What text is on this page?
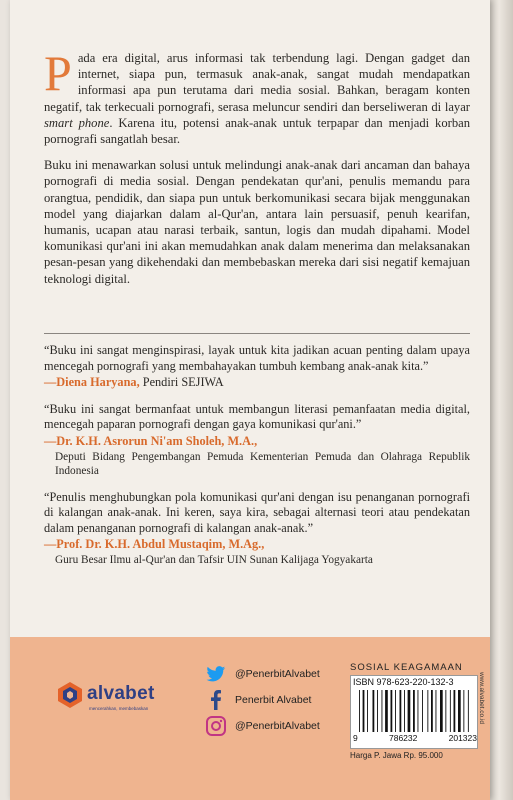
Pada era digital, arus informasi tak terbendung lagi. Dengan gadget dan internet, siapa pun, termasuk anak-anak, sangat mudah mendapatkan informasi apa pun terutama dari media sosial. Bahkan, beragam konten negatif, tak terkecuali pornografi, serasa meluncur sendiri dan berseliweran di layar smart phone. Karena itu, potensi anak-anak untuk terpapar dan menjadi korban pornografi sangatlah besar.

Buku ini menawarkan solusi untuk melindungi anak-anak dari ancaman dan bahaya pornografi di media sosial. Dengan pendekatan qur'ani, penulis memandu para orangtua, pendidik, dan siapa pun untuk berkomunikasi secara bijak menggunakan model yang diajarkan dalam al-Qur'an, antara lain persuasif, penuh kearifan, humanis, ucapan atau narasi terbaik, santun, logis dan mudah dipahami. Model komunikasi qur'ani ini akan memudahkan anak dalam menerima dan melaksanakan pesan-pesan yang dikehendaki dan membebaskan mereka dari sisi negatif kemajuan teknologi digital.

“Buku ini sangat menginspirasi, layak untuk kita jadikan acuan penting dalam upaya mencegah pornografi yang membahayakan tumbuh kembang anak-anak kita.”
—Diena Haryana, Pendiri SEJIWA
“Buku ini sangat bermanfaat untuk membangun literasi pemanfaatan media digital, mencegah paparan pornografi dengan gaya komunikasi qur'ani.”
—Dr. K.H. Asrorun Ni'am Sholeh, M.A.,
Deputi Bidang Pengembangan Pemuda Kementerian Pemuda dan Olahraga Republik Indonesia
“Penulis menghubungkan pola komunikasi qur'ani dengan isu penanganan pornografi di kalangan anak-anak. Ini keren, saya kira, sebagai alternasi teori atau pendekatan dalam penanganan pornografi di kalangan anak-anak.”
—Prof. Dr. K.H. Abdul Mustaqim, M.Ag.,
Guru Besar Ilmu al-Qur'an dan Tafsir UIN Sunan Kalijaga Yogyakarta
alvabet
mencerahkan, membebaskan
@PenerbitAlvabet
Penerbit Alvabet
@PenerbitAlvabet
SOSIAL KEAGAMAAN
ISBN 978-623-220-132-3
9	786232	201323
www.alvabet.co.id
Harga P. Jawa Rp. 95.000
